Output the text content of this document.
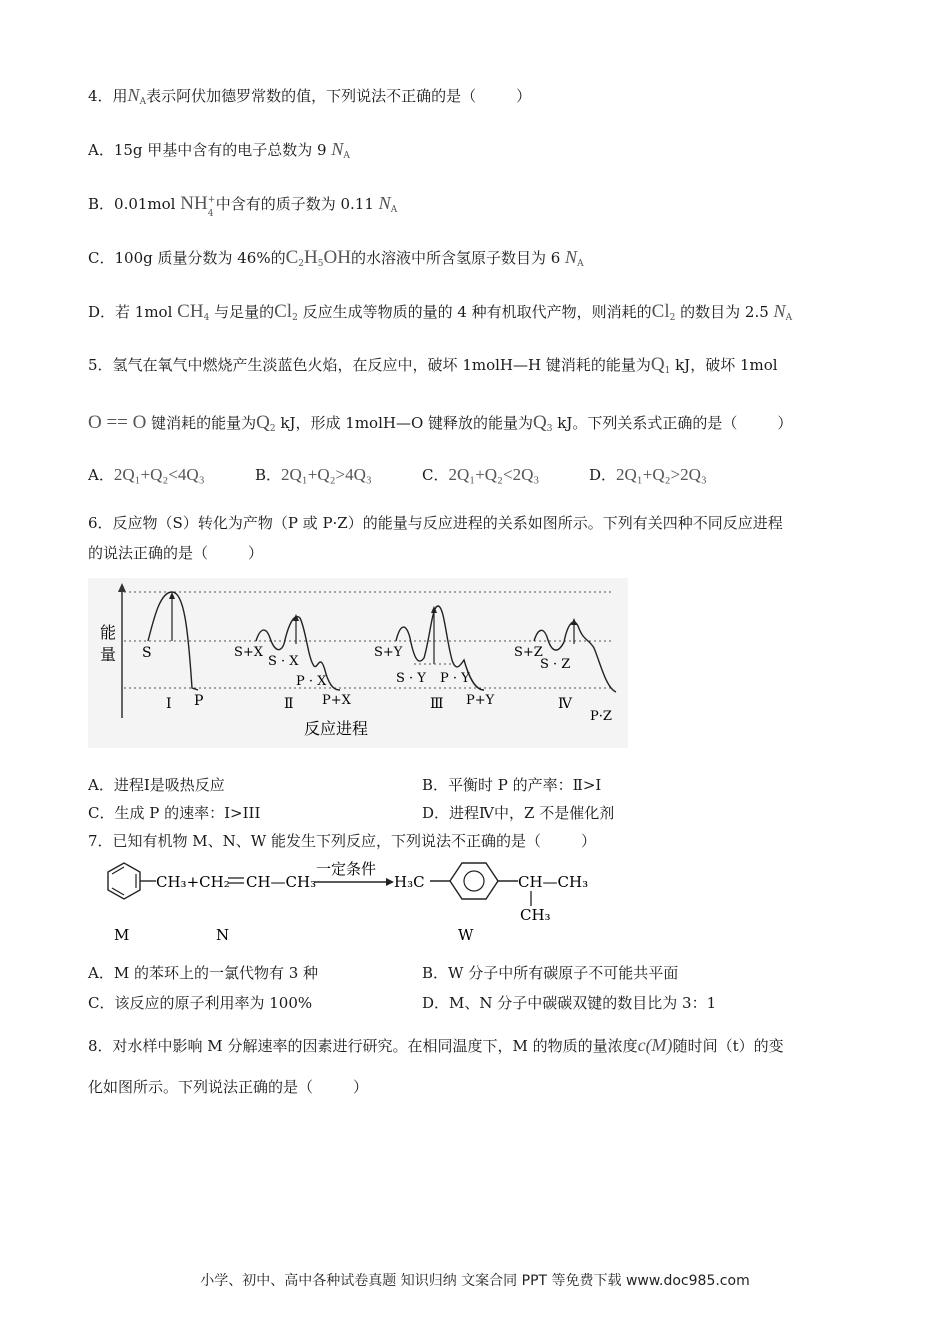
4．用$N_A$表示阿伏加德罗常数的值，下列说法不正确的是（	）
A．15g 甲基中含有的电子总数为 9 $N_A$
B．0.01mol NH +
4
中含有的质子数为 0.11 $N_A$
C．100g 质量分数为 46%的$C_2H_5OH$的水溶液中所含氢原子数目为 6 $N_A$
D．若 1mol $CH_4$ 与足量的$Cl_2$ 反应生成等物质的量的 4 种有机取代产物，则消耗的$Cl_2$ 的数目为 2.5 $N_A$
5．氢气在氧气中燃烧产生淡蓝色火焰，在反应中，破坏 1molH—H 键消耗的能量为$Q_1$ kJ，破坏 1mol
O == O 键消耗的能量为$Q_2$ kJ，形成 1molH—O 键释放的能量为$Q_3$ kJ。下列关系式正确的是（	）
A．2Q₁+Q₂<4Q₃	B．2Q₁+Q₂>4Q₃	C．2Q₁+Q₂<2Q₃	D．2Q₁+Q₂>2Q₃
6．反应物（S）转化为产物（P 或 P·Z）的能量与反应进程的关系如图所示。下列有关四种不同反应进程
的说法正确的是（	）
能
量 S
Ⅰ P
S+X
S · X
P · X
P+X
Ⅱ
S+Y
S · Y P · Y
P+Y
Ⅲ
S+Z
S · Z
Ⅳ
P·Z
反应进程
A．进程Ⅰ是吸热反应	B．平衡时 P 的产率：Ⅱ>I
C．生成 P 的速率：Ⅰ>III	D．进程Ⅳ中，Z 不是催化剂
7．已知有机物 M、N、W 能发生下列反应，下列说法不正确的是（	）
CH₃+CH₂ CH—CH₃
一定条件
H₃C	CH—CH₃
CH₃
M	N	W
A．M 的苯环上的一氯代物有 3 种	B．W 分子中所有碳原子不可能共平面
C．该反应的原子利用率为 100%	D．M、N 分子中碳碳双键的数目比为 3：1
8．对水样中影响 M 分解速率的因素进行研究。在相同温度下，M 的物质的量浓度c(M)随时间（t）的变
化如图所示。下列说法正确的是（	）
小学、初中、高中各种试卷真题 知识归纳 文案合同 PPT 等免费下载 www.doc985.com
